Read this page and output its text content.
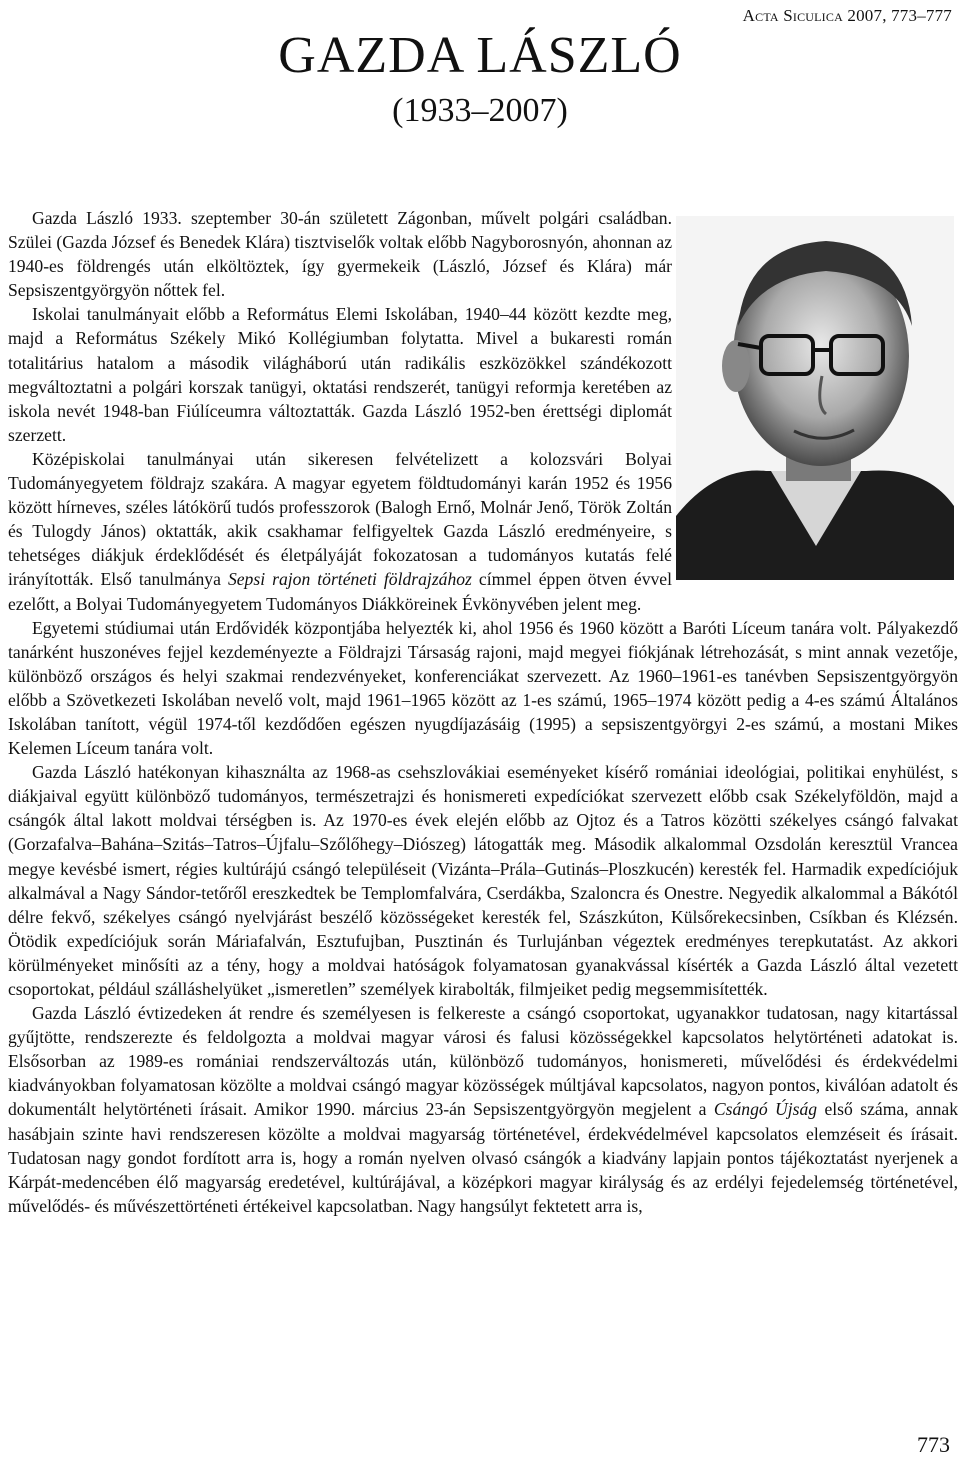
Acta Siculica 2007, 773–777
GAZDA LÁSZLÓ
(1933–2007)

Gazda László 1933. szeptember 30-án született Zágonban, művelt polgári családban. Szülei (Gazda József és Benedek Klára) tisztviselők voltak előbb Nagyborosnyón, ahonnan az 1940-es földrengés után elköltöztek, így gyermekeik (László, József és Klára) már Sepsiszentgyörgyön nőttek fel.

Iskolai tanulmányait előbb a Református Elemi Iskolában, 1940–44 között kezdte meg, majd a Református Székely Mikó Kollégiumban folytatta. Mivel a bukaresti román totalitárius hatalom a második világháború után radikális eszközökkel szándékozott megváltoztatni a polgári korszak tanügyi, oktatási rendszerét, tanügyi reformja keretében az iskola nevét 1948-ban Fiúlíceumra változtatták. Gazda László 1952-ben érettségi diplomát szerzett.

Középiskolai tanulmányai után sikeresen felvételizett a kolozsvári Bolyai Tudományegyetem földrajz szakára. A magyar egyetem földtudományi karán 1952 és 1956 között hírneves, széles látókörű tudós professzorok (Balogh Ernő, Molnár Jenő, Török Zoltán és Tulogdy János) oktatták, akik csakhamar felfigyeltek Gazda László eredményeire, s tehetséges diákjuk érdeklődését és életpályáját fokozatosan a tudományos kutatás felé irányították. Első tanulmánya Sepsi rajon történeti földrajzához címmel éppen ötven évvel ezelőtt, a Bolyai Tudományegyetem Tudományos Diákköreinek Évkönyvében jelent meg.

Egyetemi stúdiumai után Erdővidék központjába helyezték ki, ahol 1956 és 1960 között a Baróti Líceum tanára volt. Pályakezdő tanárként huszonéves fejjel kezdeményezte a Földrajzi Társaság rajoni, majd megyei fiókjának létrehozását, s mint annak vezetője, különböző országos és helyi szakmai rendezvényeket, konferenciákat szervezett. Az 1960–1961-es tanévben Sepsiszentgyörgyön előbb a Szövetkezeti Iskolában nevelő volt, majd 1961–1965 között az 1-es számú, 1965–1974 között pedig a 4-es számú Általános Iskolában tanított, végül 1974-től kezdődően egészen nyugdíjazásáig (1995) a sepsiszentgyörgyi 2-es számú, a mostani Mikes Kelemen Líceum tanára volt.

Gazda László hatékonyan kihasználta az 1968-as csehszlovákiai eseményeket kísérő romániai ideológiai, politikai enyhülést, s diákjaival együtt különböző tudományos, természetrajzi és honismereti expedíciókat szervezett előbb csak Székelyföldön, majd a csángók által lakott moldvai térségben is. Az 1970-es évek elején előbb az Ojtoz és a Tatros közötti székelyes csángó falvakat (Gorzafalva–Bahána–Szitás–Tatros–Újfalu–Szőlőhegy–Diószeg) látogatták meg. Második alkalommal Ozsdolán keresztül Vrancea megye kevésbé ismert, régies kultúrájú csángó településeit (Vizánta–Prála–Gutinás–Ploszkucén) keresték fel. Harmadik expedíciójuk alkalmával a Nagy Sándor-tetőről ereszkedtek be Templomfalvára, Cserdákba, Szaloncra és Onestre. Negyedik alkalommal a Bákótól délre fekvő, székelyes csángó nyelvjárást beszélő közösségeket keresték fel, Szászkúton, Külsőrekecsinben, Csíkban és Klézsén. Ötödik expedíciójuk során Máriafalván, Esztufujban, Pusztinán és Turlujánban végeztek eredményes terepkutatást. Az akkori körülményeket minősíti az a tény, hogy a moldvai hatóságok folyamatosan gyanakvással kísérték a Gazda László által vezetett csoportokat, például szálláshelyüket „ismeretlen” személyek kirabolták, filmjeiket pedig megsemmisítették.

Gazda László évtizedeken át rendre és személyesen is felkereste a csángó csoportokat, ugyanakkor tudatosan, nagy kitartással gyűjtötte, rendszerezte és feldolgozta a moldvai magyar városi és falusi közösségekkel kapcsolatos helytörténeti adatokat is. Elsősorban az 1989-es romániai rendszerváltozás után, különböző tudományos, honismereti, művelődési és érdekvédelmi kiadványokban folyamatosan közölte a moldvai csángó magyar közösségek múltjával kapcsolatos, nagyon pontos, kiválóan adatolt és dokumentált helytörténeti írásait. Amikor 1990. március 23-án Sepsiszentgyörgyön megjelent a Csángó Újság első száma, annak hasábjain szinte havi rendszeresen közölte a moldvai magyarság történetével, érdekvédelmével kapcsolatos elemzéseit és írásait. Tudatosan nagy gondot fordított arra is, hogy a román nyelven olvasó csángók a kiadvány lapjain pontos tájékoztatást nyerjenek a Kárpát-medencében élő magyarság eredetével, kultúrájával, a középkori magyar királyság és az erdélyi fejedelemség történetével, művelődés- és művészettörténeti értékeivel kapcsolatban. Nagy hangsúlyt fektetett arra is,

773
